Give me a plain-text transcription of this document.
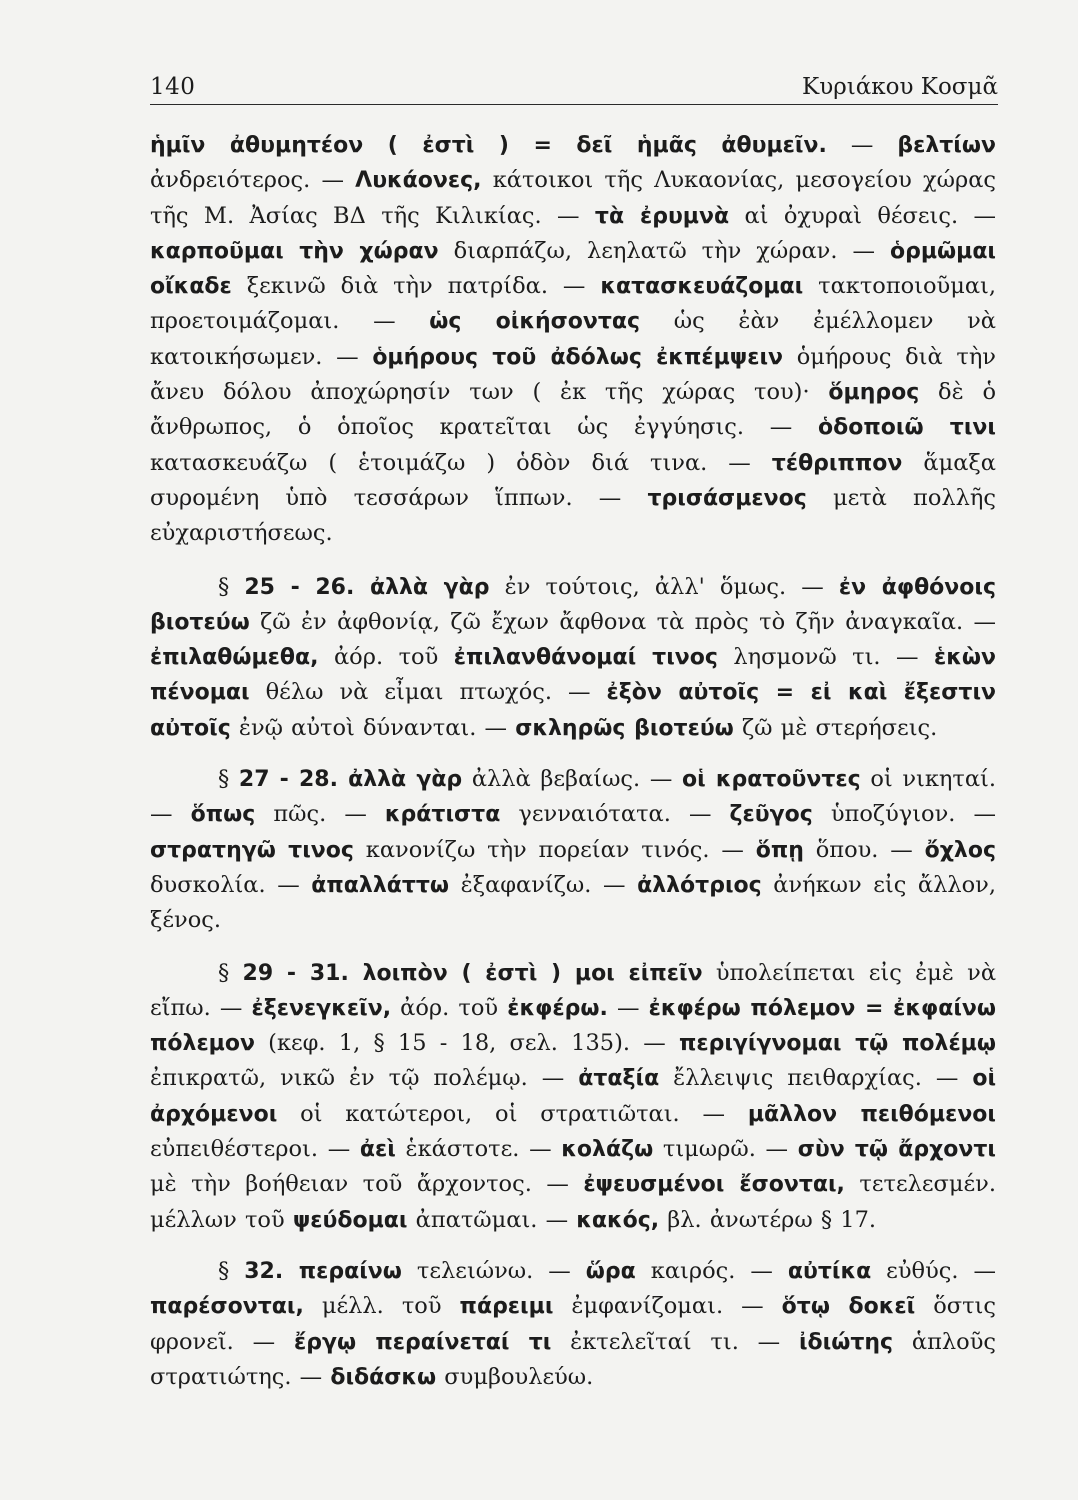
140	Κυριάκου Κοσμᾶ

ἡμῖν ἀθυμητέον ( ἐστὶ ) = δεῖ ἡμᾶς ἀθυμεῖν. — βελτίων ἀνδρειότερος. — Λυκάονες, κάτοικοι τῆς Λυκαονίας, μεσογείου χώρας τῆς Μ. Ἀσίας ΒΔ τῆς Κιλικίας. — τὰ ἐρυμνὰ αἱ ὀχυραὶ θέσεις. — καρποῦμαι τὴν χώραν διαρπάζω, λεηλατῶ τὴν χώραν. — ὁρμῶμαι οἴκαδε ξεκινῶ διὰ τὴν πατρίδα. — κατασκευάζομαι τακτοποιοῦμαι, προετοιμάζομαι. — ὡς οἰκήσοντας ὡς ἐὰν ἐμέλλομεν νὰ κατοικήσωμεν. — ὁμήρους τοῦ ἀδόλως ἐκπέμψειν ὁμήρους διὰ τὴν ἄνευ δόλου ἀποχώρησίν των ( ἐκ τῆς χώρας του)· ὅμηρος δὲ ὁ ἄνθρωπος, ὁ ὁποῖος κρατεῖται ὡς ἐγγύησις. — ὁδοποιῶ τινι κατασκευάζω ( ἑτοιμάζω ) ὁδὸν διά τινα. — τέθριππον ἅμαξα συρομένη ὑπὸ τεσσάρων ἵππων. — τρισάσμενος μετὰ πολλῆς εὐχαριστήσεως.

§ 25 - 26. ἀλλὰ γὰρ ἐν τούτοις, ἀλλ' ὅμως. — ἐν ἀφθόνοις βιοτεύω ζῶ ἐν ἀφθονίᾳ, ζῶ ἔχων ἄφθονα τὰ πρὸς τὸ ζῆν ἀναγκαῖα. — ἐπιλαθώμεθα, ἀόρ. τοῦ ἐπιλανθάνομαί τινος λησμονῶ τι. — ἑκὼν πένομαι θέλω νὰ εἶμαι πτωχός. — ἐξὸν αὐτοῖς = εἰ καὶ ἔξεστιν αὐτοῖς ἐνῷ αὐτοὶ δύνανται. — σκληρῶς βιοτεύω ζῶ μὲ στερήσεις.

§ 27 - 28. ἀλλὰ γὰρ ἀλλὰ βεβαίως. — οἱ κρατοῦντες οἱ νικηταί. — ὅπως πῶς. — κράτιστα γενναιότατα. — ζεῦγος ὑποζύγιον. — στρατηγῶ τινος κανονίζω τὴν πορείαν τινός. — ὅπῃ ὅπου. — ὄχλος δυσκολία. — ἀπαλλάττω ἐξαφανίζω. — ἀλλότριος ἀνήκων εἰς ἄλλον, ξένος.

§ 29 - 31. λοιπὸν ( ἐστὶ ) μοι εἰπεῖν ὑπολείπεται εἰς ἐμὲ νὰ εἴπω. — ἐξενεγκεῖν, ἀόρ. τοῦ ἐκφέρω. — ἐκφέρω πόλεμον = ἐκφαίνω πόλεμον (κεφ. 1, § 15 - 18, σελ. 135). — περιγίγνομαι τῷ πολέμῳ ἐπικρατῶ, νικῶ ἐν τῷ πολέμῳ. — ἀταξία ἔλλειψις πειθαρχίας. — οἱ ἀρχόμενοι οἱ κατώτεροι, οἱ στρατιῶται. — μᾶλλον πειθόμενοι εὐπειθέστεροι. — ἀεὶ ἑκάστοτε. — κολάζω τιμωρῶ. — σὺν τῷ ἄρχοντι μὲ τὴν βοήθειαν τοῦ ἄρχοντος. — ἐψευσμένοι ἔσονται, τετελεσμέν. μέλλων τοῦ ψεύδομαι ἀπατῶμαι. — κακός, βλ. ἀνωτέρω § 17.

§ 32. περαίνω τελειώνω. — ὥρα καιρός. — αὐτίκα εὐθύς. — παρέσονται, μέλλ. τοῦ πάρειμι ἐμφανίζομαι. — ὅτῳ δοκεῖ ὅστις φρονεῖ. — ἔργῳ περαίνεταί τι ἐκτελεῖταί τι. — ἰδιώτης ἁπλοῦς στρατιώτης. — διδάσκω συμβουλεύω.
